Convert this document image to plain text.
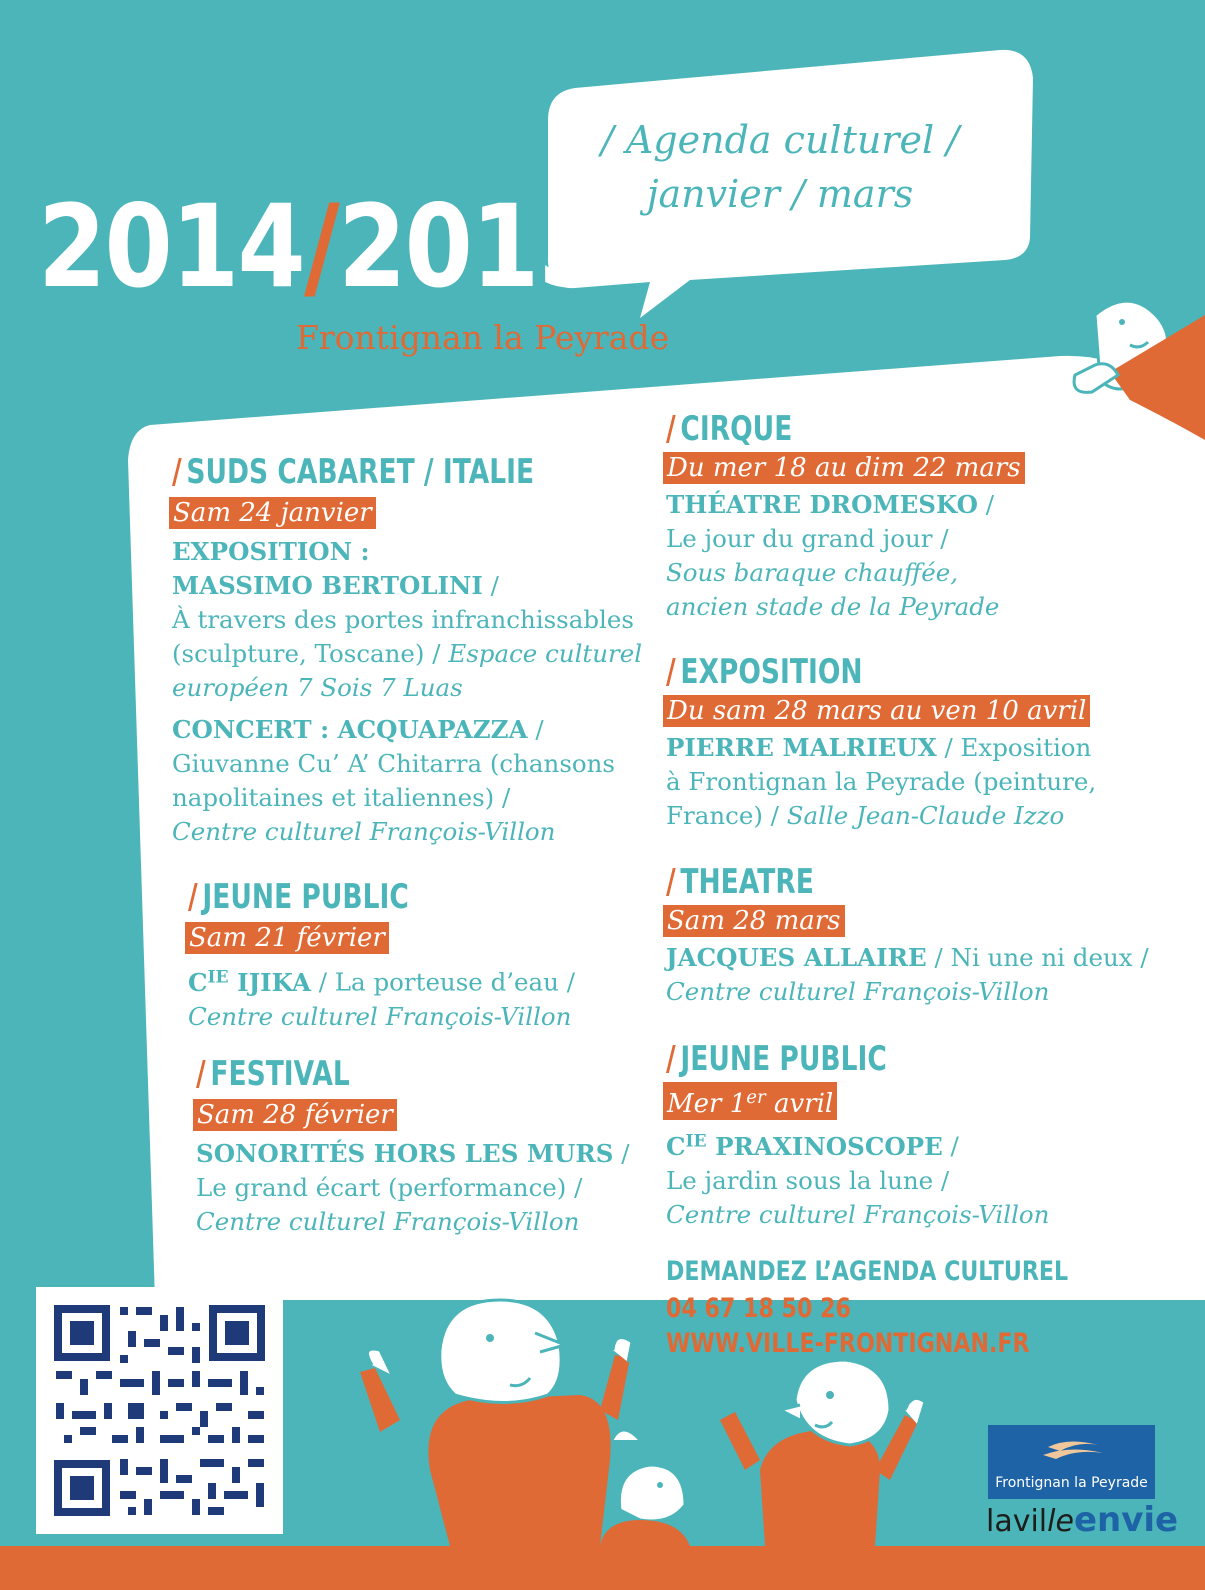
2014/2015
Frontignan la Peyrade
/ Agenda culturel /
janvier / mars
/ SUDS CABARET / ITALIE
Sam 24 janvier
EXPOSITION :
MASSIMO BERTOLINI /
À travers des portes infranchissables
(sculpture, Toscane) / Espace culturel
européen 7 Sois 7 Luas
CONCERT : ACQUAPAZZA /
Giuvanne Cu’ A’ Chitarra (chansons
napolitaines et italiennes) /
Centre culturel François-Villon
/ JEUNE PUBLIC
Sam 21 février
$C^{IE}$ IJIKA / La porteuse d’eau /
Centre culturel François-Villon
/ FESTIVAL
Sam 28 février
SONORITÉS HORS LES MURS /
Le grand écart (performance) /
Centre culturel François-Villon
/ CIRQUE
Du mer 18 au dim 22 mars
THÉATRE DROMESKO /
Le jour du grand jour /
Sous baraque chauffée,
ancien stade de la Peyrade
/ EXPOSITION
Du sam 28 mars au ven 10 avril
PIERRE MALRIEUX / Exposition
à Frontignan la Peyrade (peinture,
France) / Salle Jean-Claude Izzo
/ THEATRE
Sam 28 mars
JACQUES ALLAIRE / Ni une ni deux /
Centre culturel François-Villon
/ JEUNE PUBLIC
Mer 1er avril
$C^{IE}$ PRAXINOSCOPE /
Le jardin sous la lune /
Centre culturel François-Villon
DEMANDEZ L’AGENDA CULTUREL
04 67 18 50 26
WWW.VILLE-FRONTIGNAN.FR
Frontignan la Peyrade
lavilleenvie
